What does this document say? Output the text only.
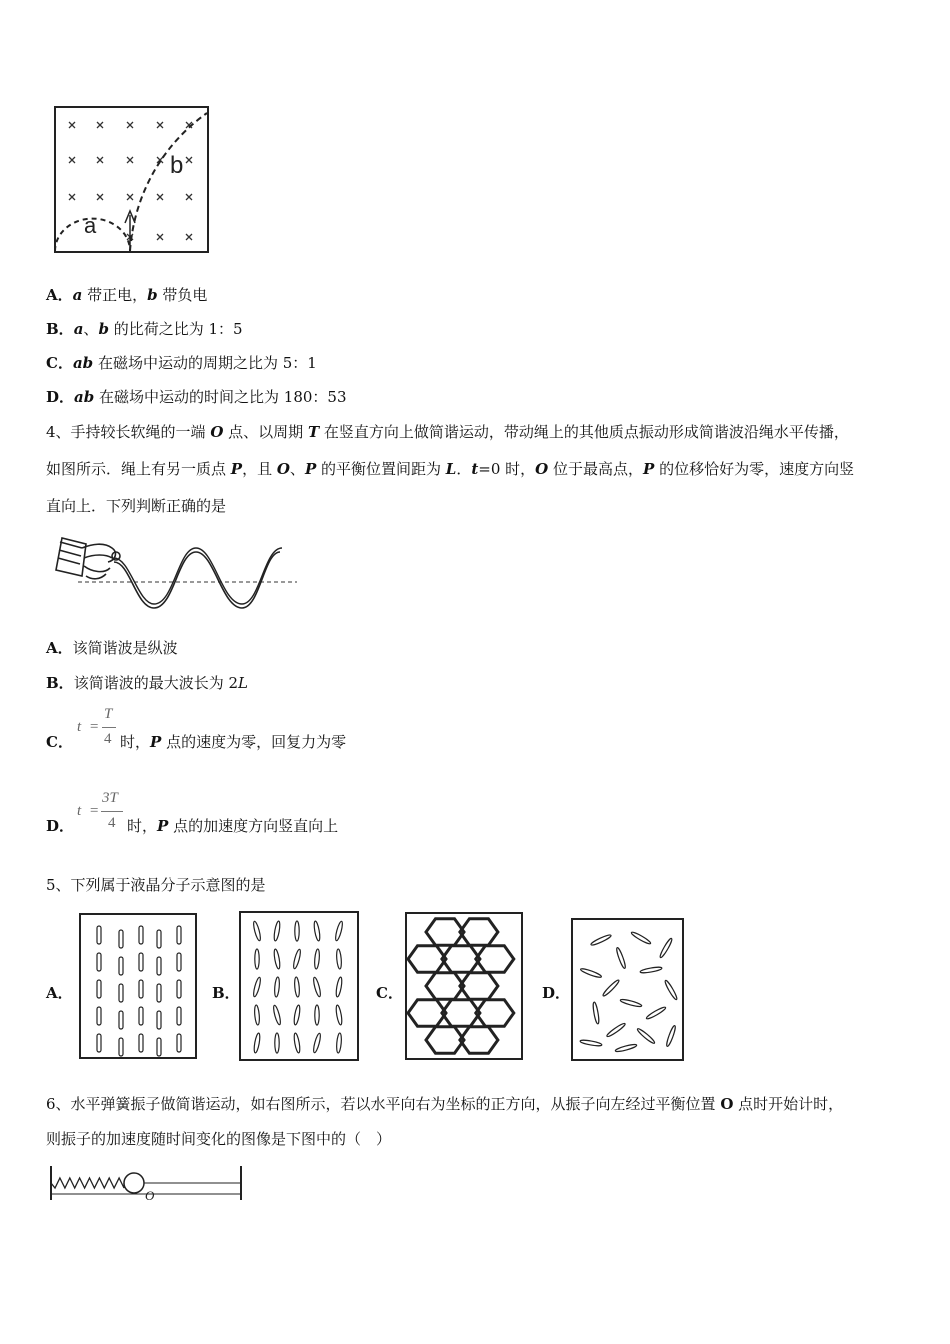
a
b
A．a 带正电，b 带负电
B．a、b 的比荷之比为 1：5
C．ab 在磁场中运动的周期之比为 5：1
D．ab 在磁场中运动的时间之比为 180：53
4、手持较长软绳的一端 O 点、以周期 T 在竖直方向上做简谐运动，带动绳上的其他质点振动形成简谐波沿绳水平传播，
如图所示．绳上有另一质点 P，且 O、P 的平衡位置间距为 L．t=0 时，O 位于最高点，P 的位移恰好为零，速度方向竖
直向上．下列判断正确的是
A．该简谐波是纵波
B．该简谐波的最大波长为 2L
C．
t =
T
4 时，P 点的速度为零，回复力为零
D．
t =
3T
4 时，P 点的加速度方向竖直向上
5、下列属于液晶分子示意图的是
A．	B．	C．	D．
6、水平弹簧振子做简谐运动，如右图所示，若以水平向右为坐标的正方向，从振子向左经过平衡位置 O 点时开始计时，
则振子的加速度随时间变化的图像是下图中的（　）
O
